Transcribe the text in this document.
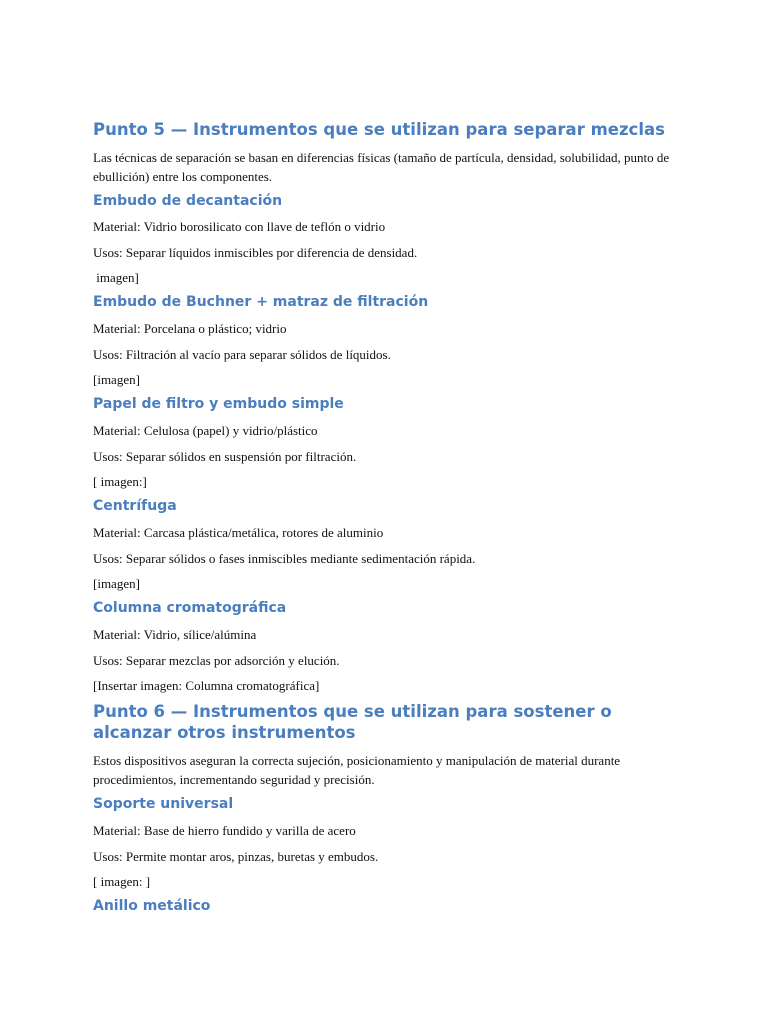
Punto 5 — Instrumentos que se utilizan para separar mezclas

Las técnicas de separación se basan en diferencias físicas (tamaño de partícula, densidad, solubilidad, punto de ebullición) entre los componentes.

Embudo de decantación

Material: Vidrio borosilicato con llave de teflón o vidrio

Usos: Separar líquidos inmiscibles por diferencia de densidad.

imagen]

Embudo de Buchner + matraz de filtración

Material: Porcelana o plástico; vidrio

Usos: Filtración al vacío para separar sólidos de líquidos.

[imagen]

Papel de filtro y embudo simple

Material: Celulosa (papel) y vidrio/plástico

Usos: Separar sólidos en suspensión por filtración.

[ imagen:]

Centrífuga

Material: Carcasa plástica/metálica, rotores de aluminio

Usos: Separar sólidos o fases inmiscibles mediante sedimentación rápida.

[imagen]

Columna cromatográfica

Material: Vidrio, sílice/alúmina

Usos: Separar mezclas por adsorción y elución.

[Insertar imagen: Columna cromatográfica]

Punto 6 — Instrumentos que se utilizan para sostener o
alcanzar otros instrumentos

Estos dispositivos aseguran la correcta sujeción, posicionamiento y manipulación de material durante procedimientos, incrementando seguridad y precisión.

Soporte universal

Material: Base de hierro fundido y varilla de acero

Usos: Permite montar aros, pinzas, buretas y embudos.

[ imagen: ]

Anillo metálico
